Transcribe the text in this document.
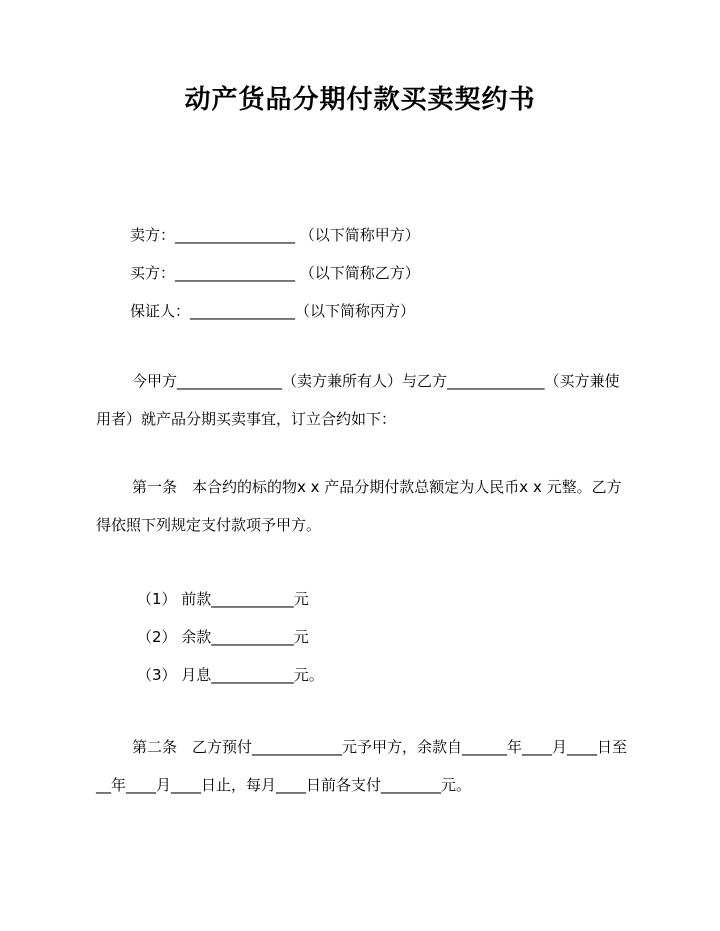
动产货品分期付款买卖契约书
卖方：________________ （以下简称甲方）
买方：________________ （以下简称乙方）
保证人：______________（以下简称丙方）

今甲方______________（卖方兼所有人）与乙方_____________（买方兼使用者）就产品分期买卖事宜，订立合约如下：

第一条　本合约的标的物x x 产品分期付款总额定为人民币x x 元整。乙方得依照下列规定支付款项予甲方。

（1） 前款___________元
（2） 余款___________元
（3） 月息___________元。

第二条　乙方预付____________元予甲方，余款自______年____月____日至__年____月____日止，每月____日前各支付________元。
